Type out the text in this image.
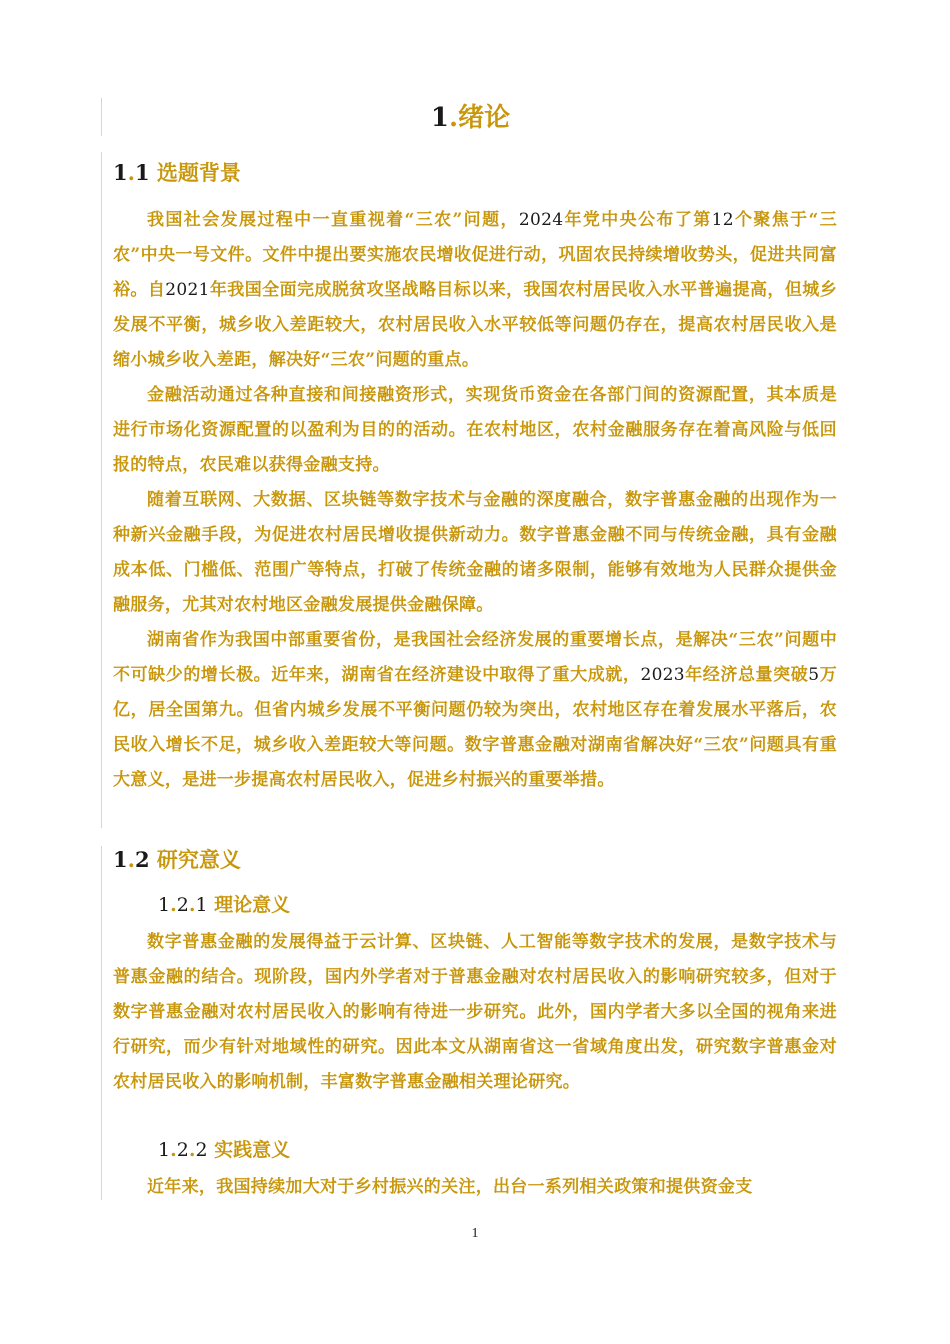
1.绪论
1.1 选题背景

我国社会发展过程中一直重视着“三农”问题，2024年党中央公布了第12个聚焦于“三农”中央一号文件。文件中提出要实施农民增收促进行动，巩固农民持续增收势头，促进共同富裕。自2021年我国全面完成脱贫攻坚战略目标以来，我国农村居民收入水平普遍提高，但城乡发展不平衡，城乡收入差距较大，农村居民收入水平较低等问题仍存在，提高农村居民收入是缩小城乡收入差距，解决好“三农”问题的重点。

金融活动通过各种直接和间接融资形式，实现货币资金在各部门间的资源配置，其本质是进行市场化资源配置的以盈利为目的的活动。在农村地区，农村金融服务存在着高风险与低回报的特点，农民难以获得金融支持。

随着互联网、大数据、区块链等数字技术与金融的深度融合，数字普惠金融的出现作为一种新兴金融手段，为促进农村居民增收提供新动力。数字普惠金融不同与传统金融，具有金融成本低、门槛低、范围广等特点，打破了传统金融的诸多限制，能够有效地为人民群众提供金融服务，尤其对农村地区金融发展提供金融保障。

湖南省作为我国中部重要省份，是我国社会经济发展的重要增长点，是解决“三农”问题中不可缺少的增长极。近年来，湖南省在经济建设中取得了重大成就，2023年经济总量突破5万亿，居全国第九。但省内城乡发展不平衡问题仍较为突出，农村地区存在着发展水平落后，农民收入增长不足，城乡收入差距较大等问题。数字普惠金融对湖南省解决好“三农”问题具有重大意义，是进一步提高农村居民收入，促进乡村振兴的重要举措。

1.2 研究意义
1.2.1 理论意义

数字普惠金融的发展得益于云计算、区块链、人工智能等数字技术的发展，是数字技术与普惠金融的结合。现阶段，国内外学者对于普惠金融对农村居民收入的影响研究较多，但对于数字普惠金融对农村居民收入的影响有待进一步研究。此外，国内学者大多以全国的视角来进行研究，而少有针对地域性的研究。因此本文从湖南省这一省域角度出发，研究数字普惠金对农村居民收入的影响机制，丰富数字普惠金融相关理论研究。

1.2.2 实践意义

近年来，我国持续加大对于乡村振兴的关注，出台一系列相关政策和提供资金支

1
